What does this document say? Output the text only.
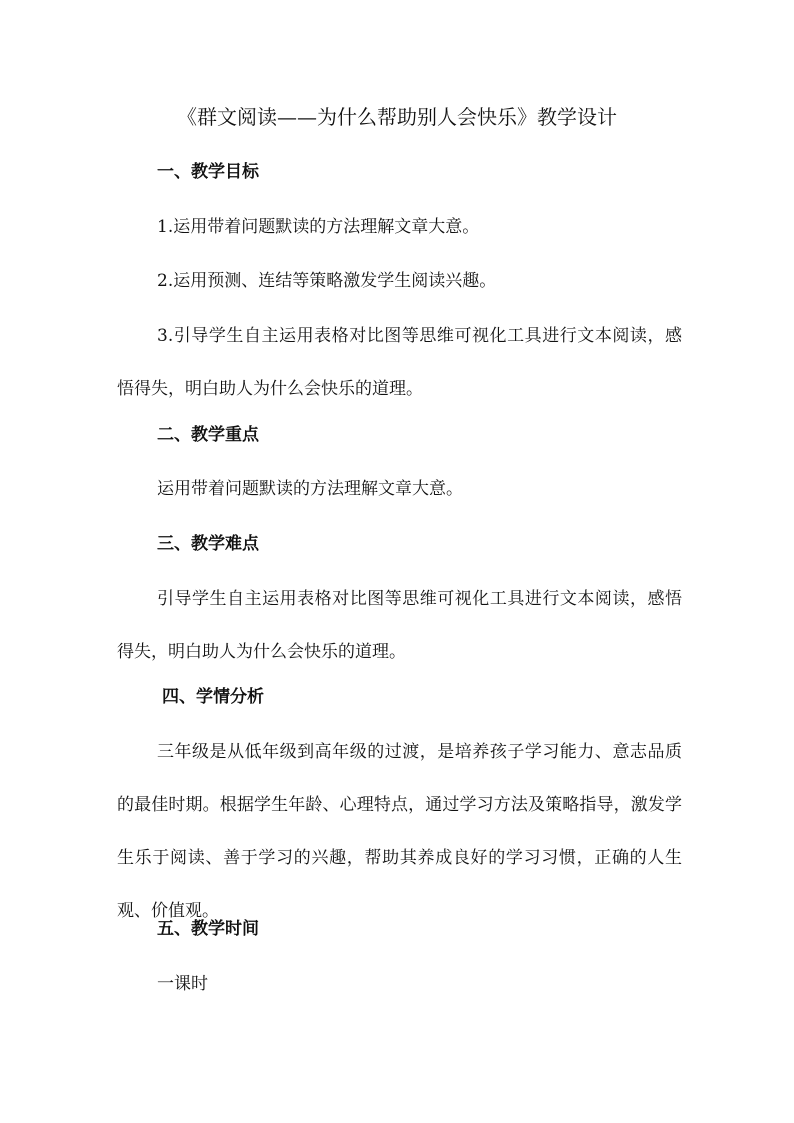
《群文阅读——为什么帮助别人会快乐》教学设计
一、教学目标
1.运用带着问题默读的方法理解文章大意。
2.运用预测、连结等策略激发学生阅读兴趣。

3.引导学生自主运用表格对比图等思维可视化工具进行文本阅读，感悟得失，明白助人为什么会快乐的道理。

二、教学重点
运用带着问题默读的方法理解文章大意。
三、教学难点

引导学生自主运用表格对比图等思维可视化工具进行文本阅读，感悟得失，明白助人为什么会快乐的道理。

四、学情分析

三年级是从低年级到高年级的过渡，是培养孩子学习能力、意志品质的最佳时期。根据学生年龄、心理特点，通过学习方法及策略指导，激发学生乐于阅读、善于学习的兴趣，帮助其养成良好的学习习惯，正确的人生观、价值观。

五、教学时间
一课时
